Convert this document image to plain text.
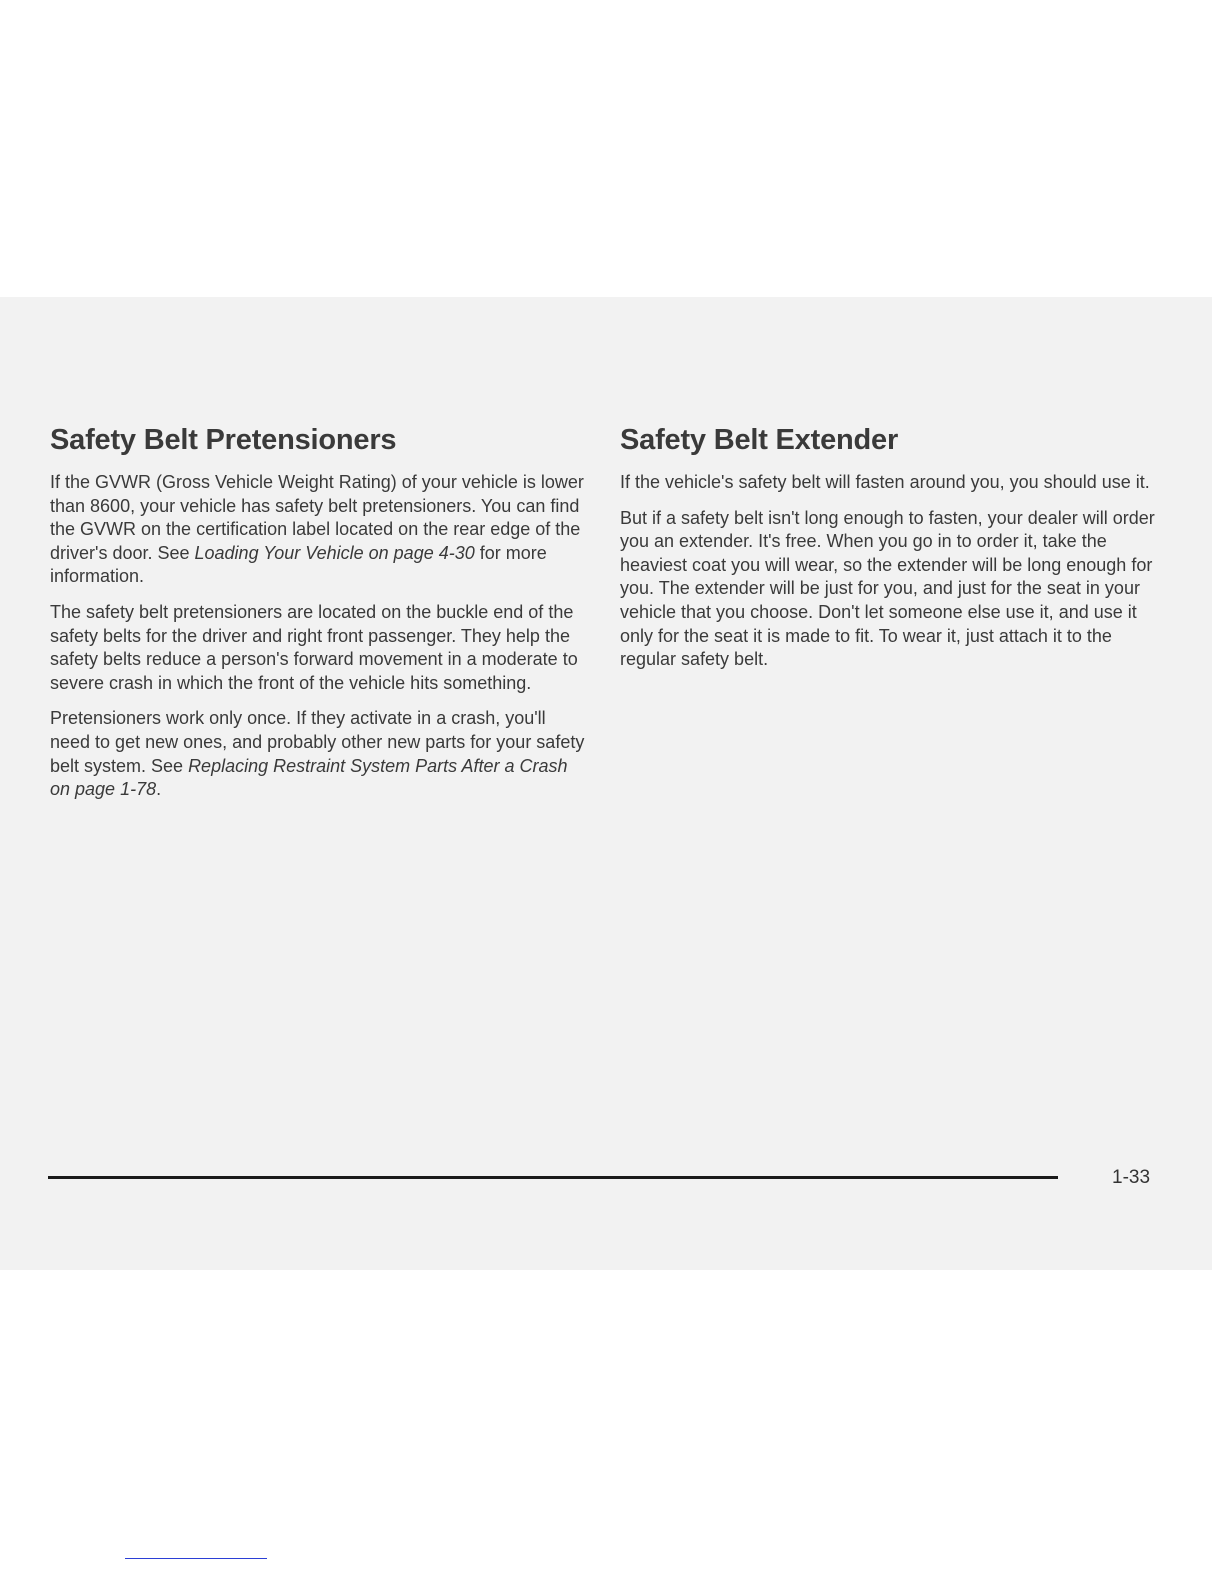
Safety Belt Pretensioners

If the GVWR (Gross Vehicle Weight Rating) of your vehicle is lower than 8600, your vehicle has safety belt pretensioners. You can find the GVWR on the certification label located on the rear edge of the driver's door. See Loading Your Vehicle on page 4-30 for more information.

The safety belt pretensioners are located on the buckle end of the safety belts for the driver and right front passenger. They help the safety belts reduce a person's forward movement in a moderate to severe crash in which the front of the vehicle hits something.

Pretensioners work only once. If they activate in a crash, you'll need to get new ones, and probably other new parts for your safety belt system. See Replacing Restraint System Parts After a Crash on page 1-78.

Safety Belt Extender

If the vehicle's safety belt will fasten around you, you should use it.

But if a safety belt isn't long enough to fasten, your dealer will order you an extender. It's free. When you go in to order it, take the heaviest coat you will wear, so the extender will be long enough for you. The extender will be just for you, and just for the seat in your vehicle that you choose. Don't let someone else use it, and use it only for the seat it is made to fit. To wear it, just attach it to the regular safety belt.

1-33
